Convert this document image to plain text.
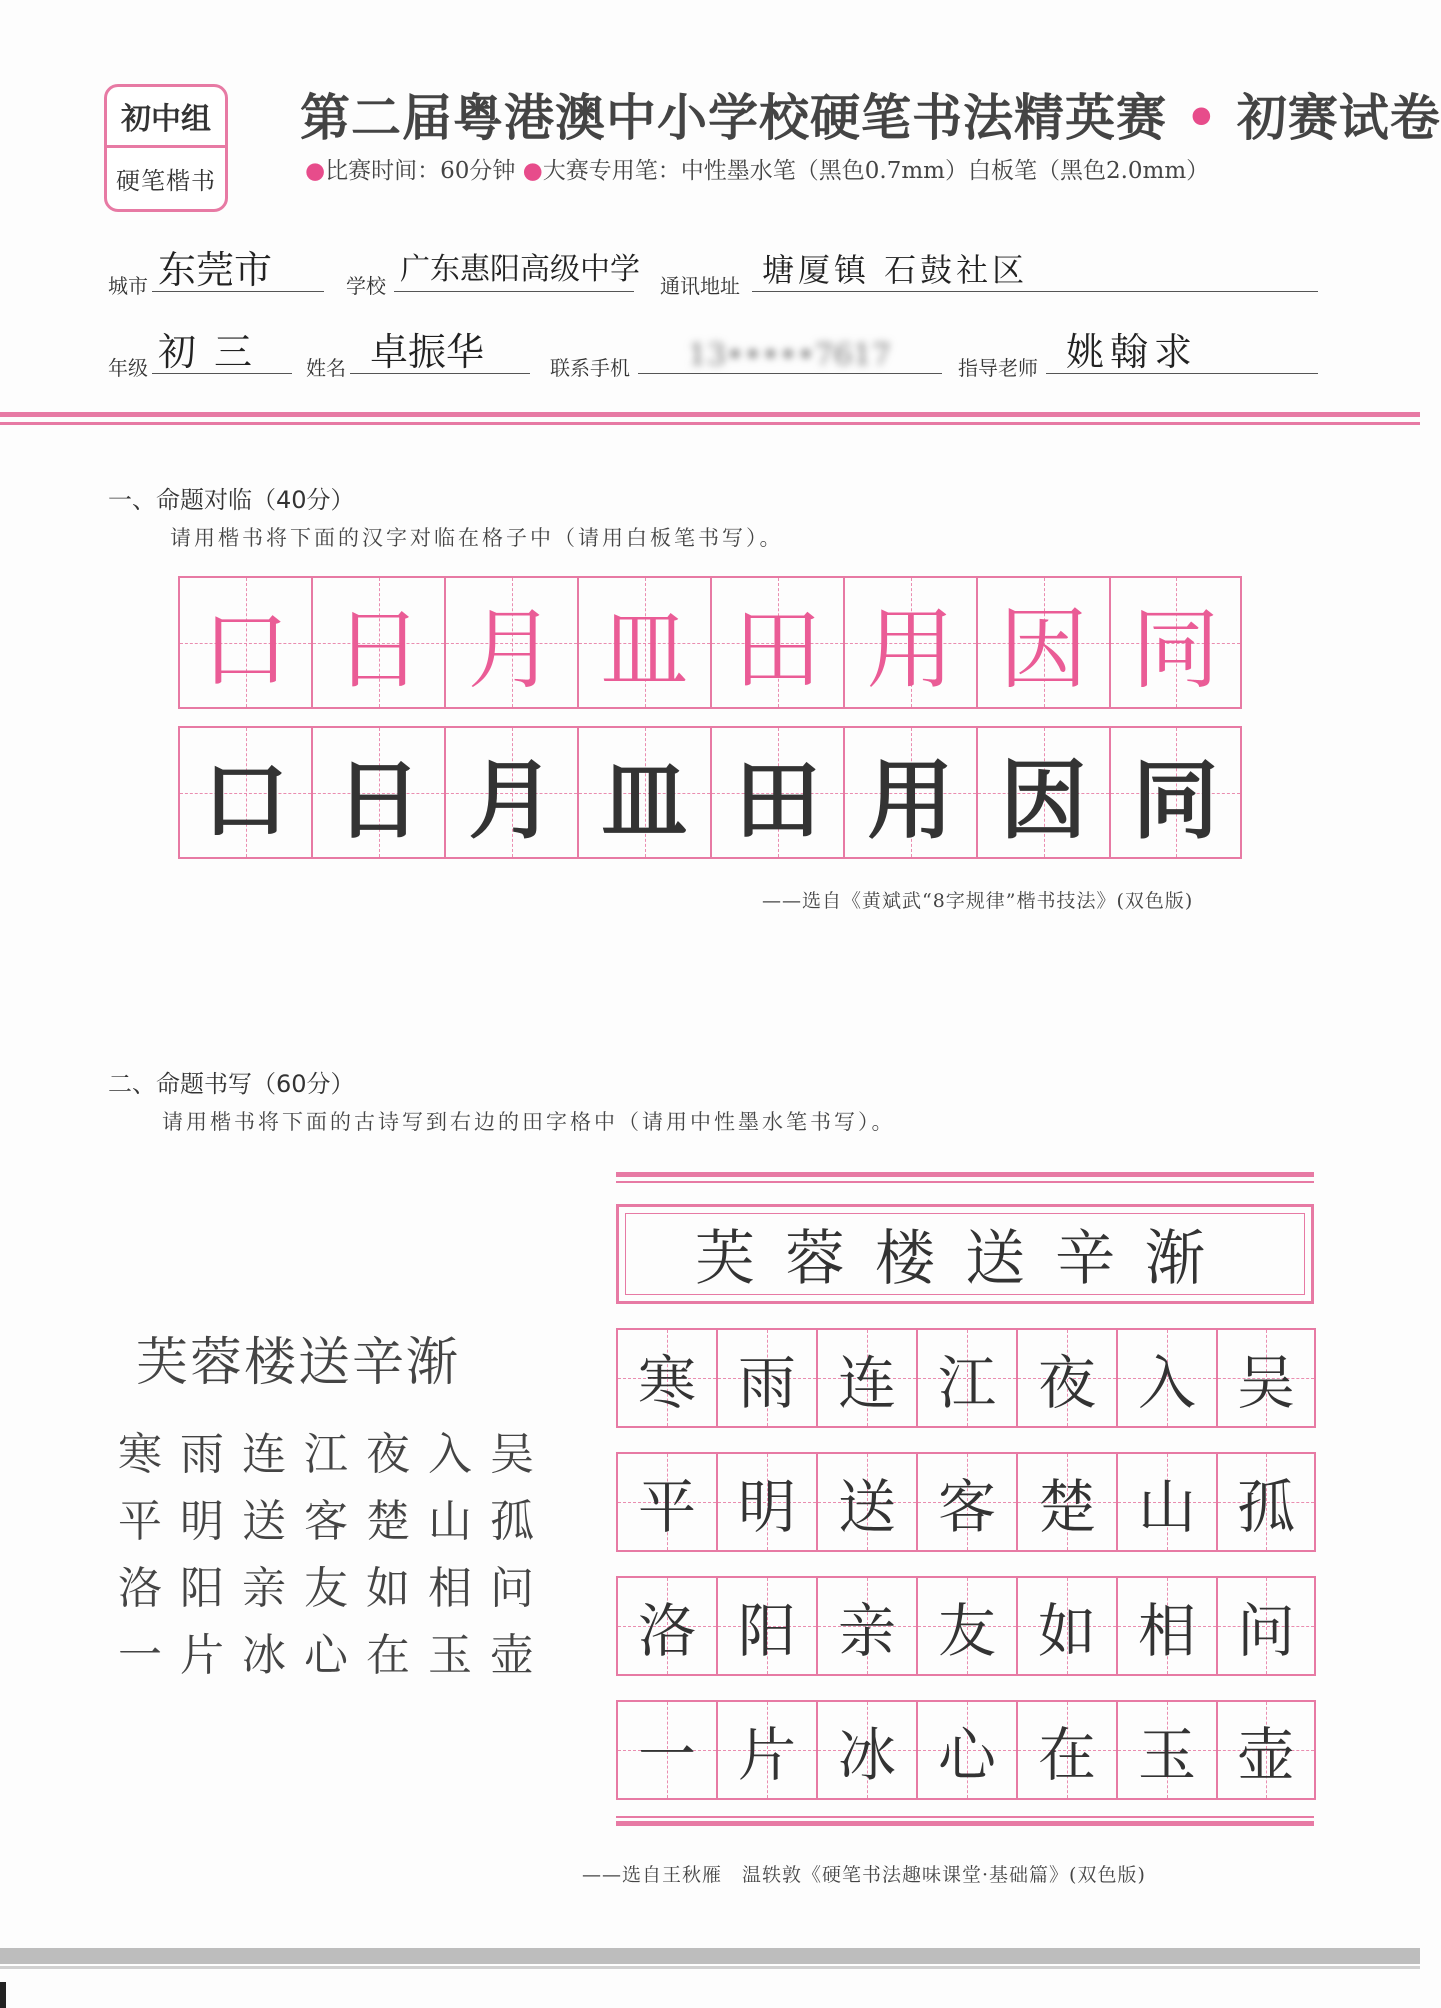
初中组
硬笔楷书
第二届粤港澳中小学校硬笔书法精英赛 • 初赛试卷
●比赛时间：60分钟 ●大赛专用笔：中性墨水笔（黑色0.7mm）白板笔（黑色2.0mm）
城市 东莞市	学校 广东惠阳高级中学 通讯地址 塘厦镇 石鼓社区
年级 初三	姓名 卓振华	联系手机	13•••••7617	指导老师 姚翰求
一、命题对临（40分）
请用楷书将下面的汉字对临在格子中（请用白板笔书写）。
口 日 月 皿 田 用 因 同
口 日 月 皿 田 用 因 同
——选自《黄斌武“8字规律”楷书技法》(双色版)
二、命题书写（60分）
请用楷书将下面的古诗写到右边的田字格中（请用中性墨水笔书写）。
芙蓉楼送辛渐
寒雨连江夜入吴
平明送客楚山孤
洛阳亲友如相问
一片冰心在玉壶
芙蓉楼送辛渐
寒 雨 连 江 夜 入 吴
平 明 送 客 楚 山 孤
洛 阳 亲 友 如 相 问
一 片 冰 心 在 玉 壶
——选自王秋雁　温轶敦《硬笔书法趣味课堂·基础篇》(双色版)
